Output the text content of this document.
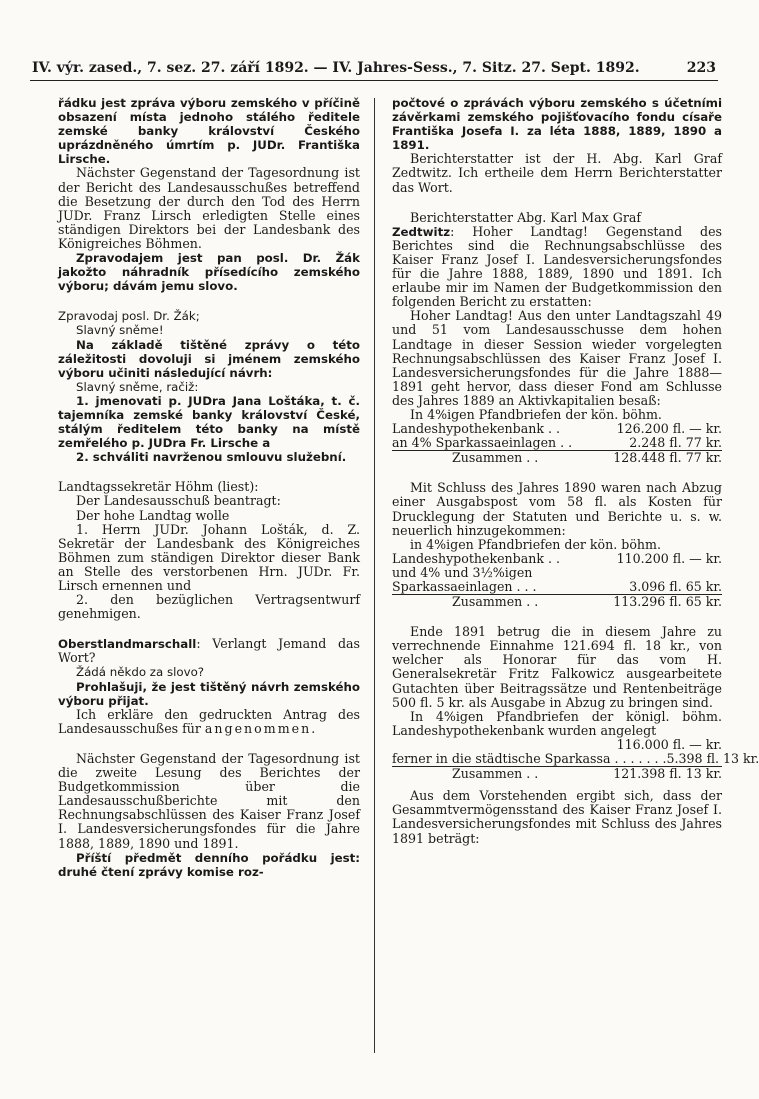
IV. výr. zased., 7. sez. 27. září 1892. — IV. Jahres-Sess., 7. Sitz. 27. Sept. 1892.	223

řádku jest zpráva výboru zemského v příčině obsazení místa jednoho stálého ředitele zemské banky království Českého uprázdněného úmrtím p. JUDr. Františka Lirsche.

Nächster Gegenstand der Tagesordnung ist der Bericht des Landesausschußes betreffend die Besetzung der durch den Tod des Herrn JUDr. Franz Lirsch erledigten Stelle eines ständigen Direktors bei der Landesbank des Königreiches Böhmen.

Zpravodajem jest pan posl. Dr. Žák jakožto náhradník přísedícího zemského výboru; dávám jemu slovo.

Zpravodaj posl. Dr. Žák;

Slavný sněme!

Na základě tištěné zprávy o této záležitosti dovoluji si jménem zemského výboru učiniti následující návrh:

Slavný sněme, račiž:

1. jmenovati p. JUDra Jana Loštáka, t. č. tajemníka zemské banky království České, stálým ředitelem této banky na místě zemřelého p. JUDra Fr. Lirsche a

2. schváliti navrženou smlouvu služební.

Landtagssekretär Höhm (liest):

Der Landesausschuß beantragt:

Der hohe Landtag wolle

1. Herrn JUDr. Johann Lošták, d. Z. Sekretär der Landesbank des Königreiches Böhmen zum ständigen Direktor dieser Bank an Stelle des verstorbenen Hrn. JUDr. Fr. Lirsch ernennen und

2. den bezüglichen Vertragsentwurf genehmigen.

Oberstlandmarschall: Verlangt Jemand das Wort?

Žádá někdo za slovo?

Prohlašuji, že jest tištěný návrh zemského výboru přijat.

Ich erkläre den gedruckten Antrag des Landesausschußes für angenommen.

Nächster Gegenstand der Tagesordnung ist die zweite Lesung des Berichtes der Budgetkommission über die Landesausschußberichte mit den Rechnungsabschlüssen des Kaiser Franz Josef I. Landesversicherungsfondes für die Jahre 1888, 1889, 1890 und 1891.

Příští předmět denního pořádku jest: druhé čtení zprávy komise roz-

počtové o zprávách výboru zemského s účetními závěrkami zemského pojišťovacího fondu císaře Františka Josefa I. za léta 1888, 1889, 1890 a 1891.

Berichterstatter ist der H. Abg. Karl Graf Zedtwitz. Ich ertheile dem Herrn Berichterstatter das Wort.

Berichterstatter Abg. Karl Max Graf

Zedtwitz: Hoher Landtag! Gegenstand des Berichtes sind die Rechnungsabschlüsse des Kaiser Franz Josef I. Landesversicherungsfondes für die Jahre 1888, 1889, 1890 und 1891. Ich erlaube mir im Namen der Budgetkommission den folgenden Bericht zu erstatten:

Hoher Landtag! Aus den unter Landtagszahl 49 und 51 vom Landesausschusse dem hohen Landtage in dieser Session wieder vorgelegten Rechnungsabschlüssen des Kaiser Franz Josef I. Landesversicherungsfondes für die Jahre 1888—1891 geht hervor, dass dieser Fond am Schlusse des Jahres 1889 an Aktivkapitalien besaß:

In 4%igen Pfandbriefen der kön. böhm.

Landeshypothekenbank . .	126.200 fl. — kr.
an 4% Sparkassaeinlagen . .	2.248 fl. 77 kr.
Zusammen . .	128.448 fl. 77 kr.

Mit Schluss des Jahres 1890 waren nach Abzug einer Ausgabspost vom 58 fl. als Kosten für Drucklegung der Statuten und Berichte u. s. w. neuerlich hinzugekommen:

in 4%igen Pfandbriefen der kön. böhm.

Landeshypothekenbank . .	110.200 fl. — kr.

und 4% und 3½%igen

Sparkassaeinlagen . . .	3.096 fl. 65 kr.
Zusammen . .	113.296 fl. 65 kr.

Ende 1891 betrug die in diesem Jahre zu verrechnende Einnahme 121.694 fl. 18 kr., von welcher als Honorar für das vom H. Generalsekretär Fritz Falkowicz ausgearbeitete Gutachten über Beitragssätze und Rentenbeiträge 500 fl. 5 kr. als Ausgabe in Abzug zu bringen sind.

In 4%igen Pfandbriefen der königl. böhm. Landeshypothekenbank wurden angelegt

116.000 fl. — kr.
ferner in die städtische Sparkassa . . . . . . . 5.398 fl. 13 kr.
Zusammen . .	121.398 fl. 13 kr.

Aus dem Vorstehenden ergibt sich, dass der Gesammtvermögensstand des Kaiser Franz Josef I. Landesversicherungsfondes mit Schluss des Jahres 1891 beträgt:
